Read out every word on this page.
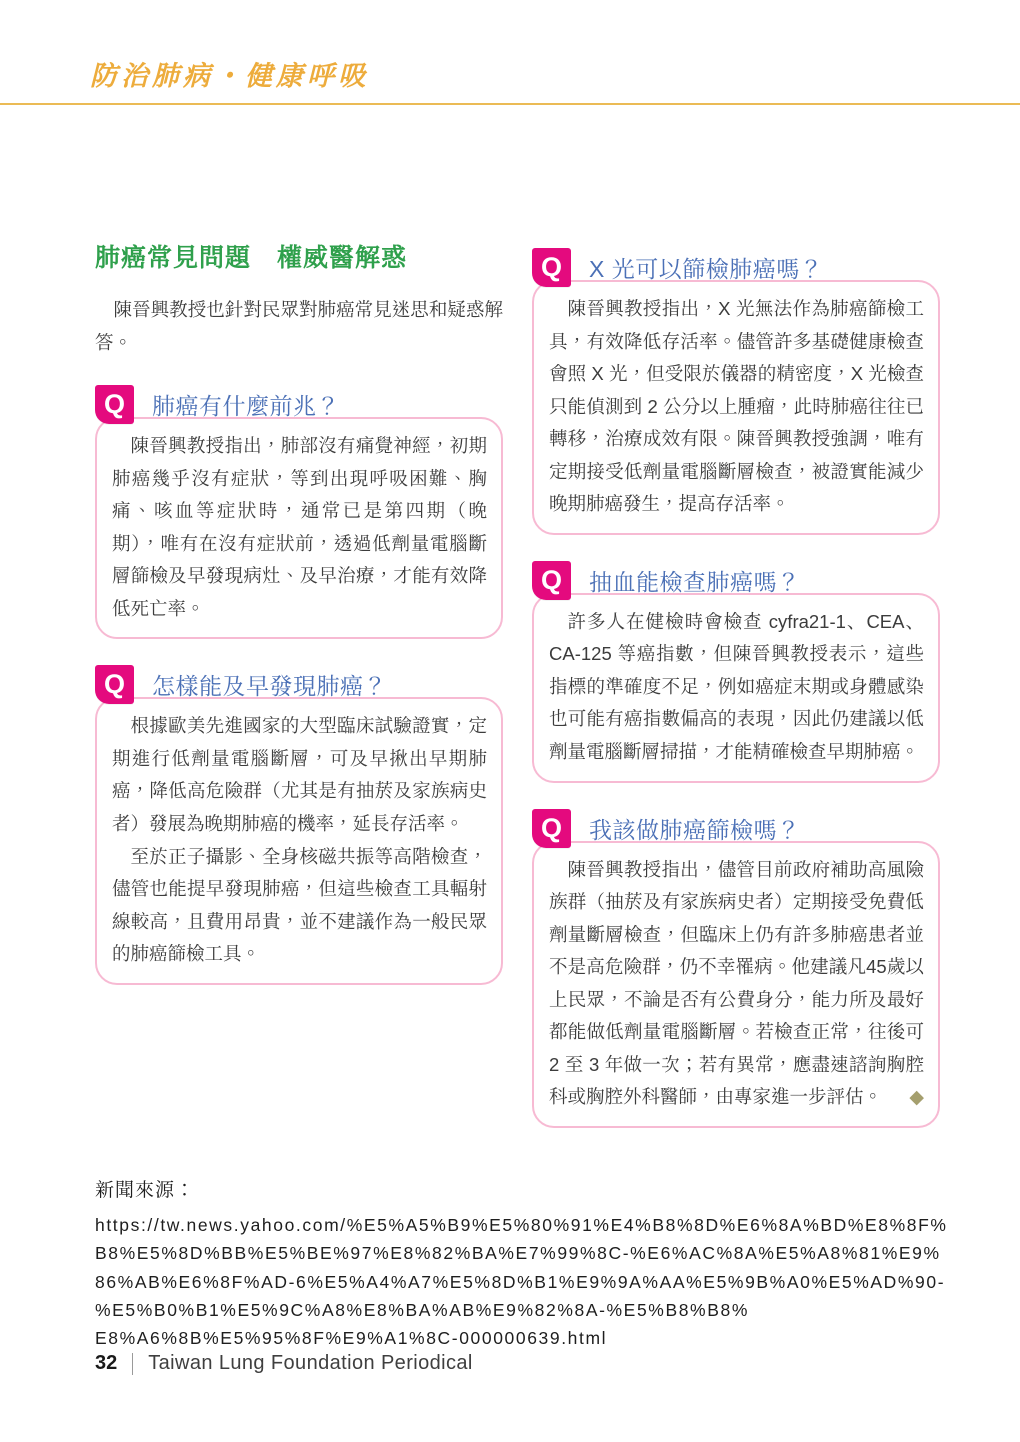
防治肺病・健康呼吸
肺癌常見問題　權威醫解惑

陳晉興教授也針對民眾對肺癌常見迷思和疑惑解答。

Q	肺癌有什麼前兆？

陳晉興教授指出，肺部沒有痛覺神經，初期肺癌幾乎沒有症狀，等到出現呼吸困難、胸痛、咳血等症狀時，通常已是第四期（晚期），唯有在沒有症狀前，透過低劑量電腦斷層篩檢及早發現病灶、及早治療，才能有效降低死亡率。

Q	怎樣能及早發現肺癌？

根據歐美先進國家的大型臨床試驗證實，定期進行低劑量電腦斷層，可及早揪出早期肺癌，降低高危險群（尤其是有抽菸及家族病史者）發展為晚期肺癌的機率，延長存活率。

至於正子攝影、全身核磁共振等高階檢查，儘管也能提早發現肺癌，但這些檢查工具輻射線較高，且費用昂貴，並不建議作為一般民眾的肺癌篩檢工具。

Q	X 光可以篩檢肺癌嗎？

陳晉興教授指出，X 光無法作為肺癌篩檢工具，有效降低存活率。儘管許多基礎健康檢查會照 X 光，但受限於儀器的精密度，X 光檢查只能偵測到 2 公分以上腫瘤，此時肺癌往往已轉移，治療成效有限。陳晉興教授強調，唯有定期接受低劑量電腦斷層檢查，被證實能減少晚期肺癌發生，提高存活率。

Q	抽血能檢查肺癌嗎？

許多人在健檢時會檢查 cyfra21-1、CEA、CA-125 等癌指數，但陳晉興教授表示，這些指標的準確度不足，例如癌症末期或身體感染也可能有癌指數偏高的表現，因此仍建議以低劑量電腦斷層掃描，才能精確檢查早期肺癌。

Q	我該做肺癌篩檢嗎？

陳晉興教授指出，儘管目前政府補助高風險族群（抽菸及有家族病史者）定期接受免費低劑量斷層檢查，但臨床上仍有許多肺癌患者並不是高危險群，仍不幸罹病。他建議凡45歲以上民眾，不論是否有公費身分，能力所及最好都能做低劑量電腦斷層。若檢查正常，往後可 2 至 3 年做一次；若有異常，應盡速諮詢胸腔科或胸腔外科醫師，由專家進一步評估。 ◆

新聞來源：
https://tw.news.yahoo.com/%E5%A5%B9%E5%80%91%E4%B8%8D%E6%8A%BD%E8%8F%
B8%E5%8D%BB%E5%BE%97%E8%82%BA%E7%99%8C-%E6%AC%8A%E5%A8%81%E9%
86%AB%E6%8F%AD-6%E5%A4%A7%E5%8D%B1%E9%9A%AA%E5%9B%A0%E5%AD%90-
%E5%B0%B1%E5%9C%A8%E8%BA%AB%E9%82%8A-%E5%B8%B8%
E8%A6%8B%E5%95%8F%E9%A1%8C-000000639.html
32 Taiwan Lung Foundation Periodical
